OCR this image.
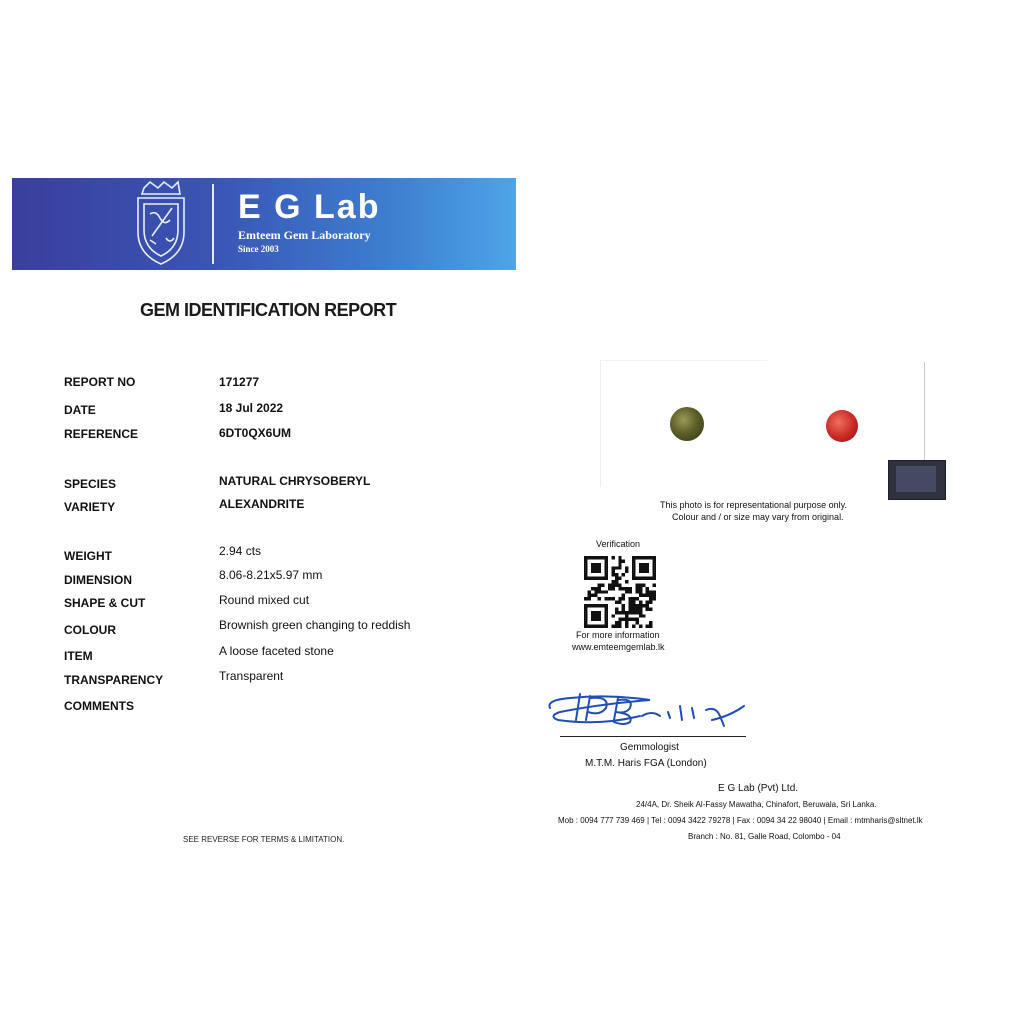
E G Lab
Emteem Gem Laboratory
Since 2003
GEM IDENTIFICATION REPORT
REPORT NO	171277
DATE	18 Jul 2022
REFERENCE	6DT0QX6UM
SPECIES	NATURAL CHRYSOBERYL
VARIETY	ALEXANDRITE
WEIGHT	2.94 cts
DIMENSION	8.06-8.21x5.97 mm
SHAPE & CUT	Round mixed cut
COLOUR	Brownish green changing to reddish
ITEM	A loose faceted stone
TRANSPARENCY	Transparent
COMMENTS
SEE REVERSE FOR TERMS & LIMITATION.
This photo is for representational purpose only.
Colour and / or size may vary from original.
Verification
For more information
www.emteemgemlab.lk
Gemmologist
M.T.M. Haris FGA (London)
E G Lab (Pvt) Ltd.
24/4A, Dr. Sheik Al-Fassy Mawatha, Chinafort, Beruwala, Sri Lanka.
Mob : 0094 777 739 469 | Tel : 0094 3422 79278 | Fax : 0094 34 22 98040 | Email : mtmharis@sltnet.lk
Branch : No. 81, Galle Road, Colombo - 04
